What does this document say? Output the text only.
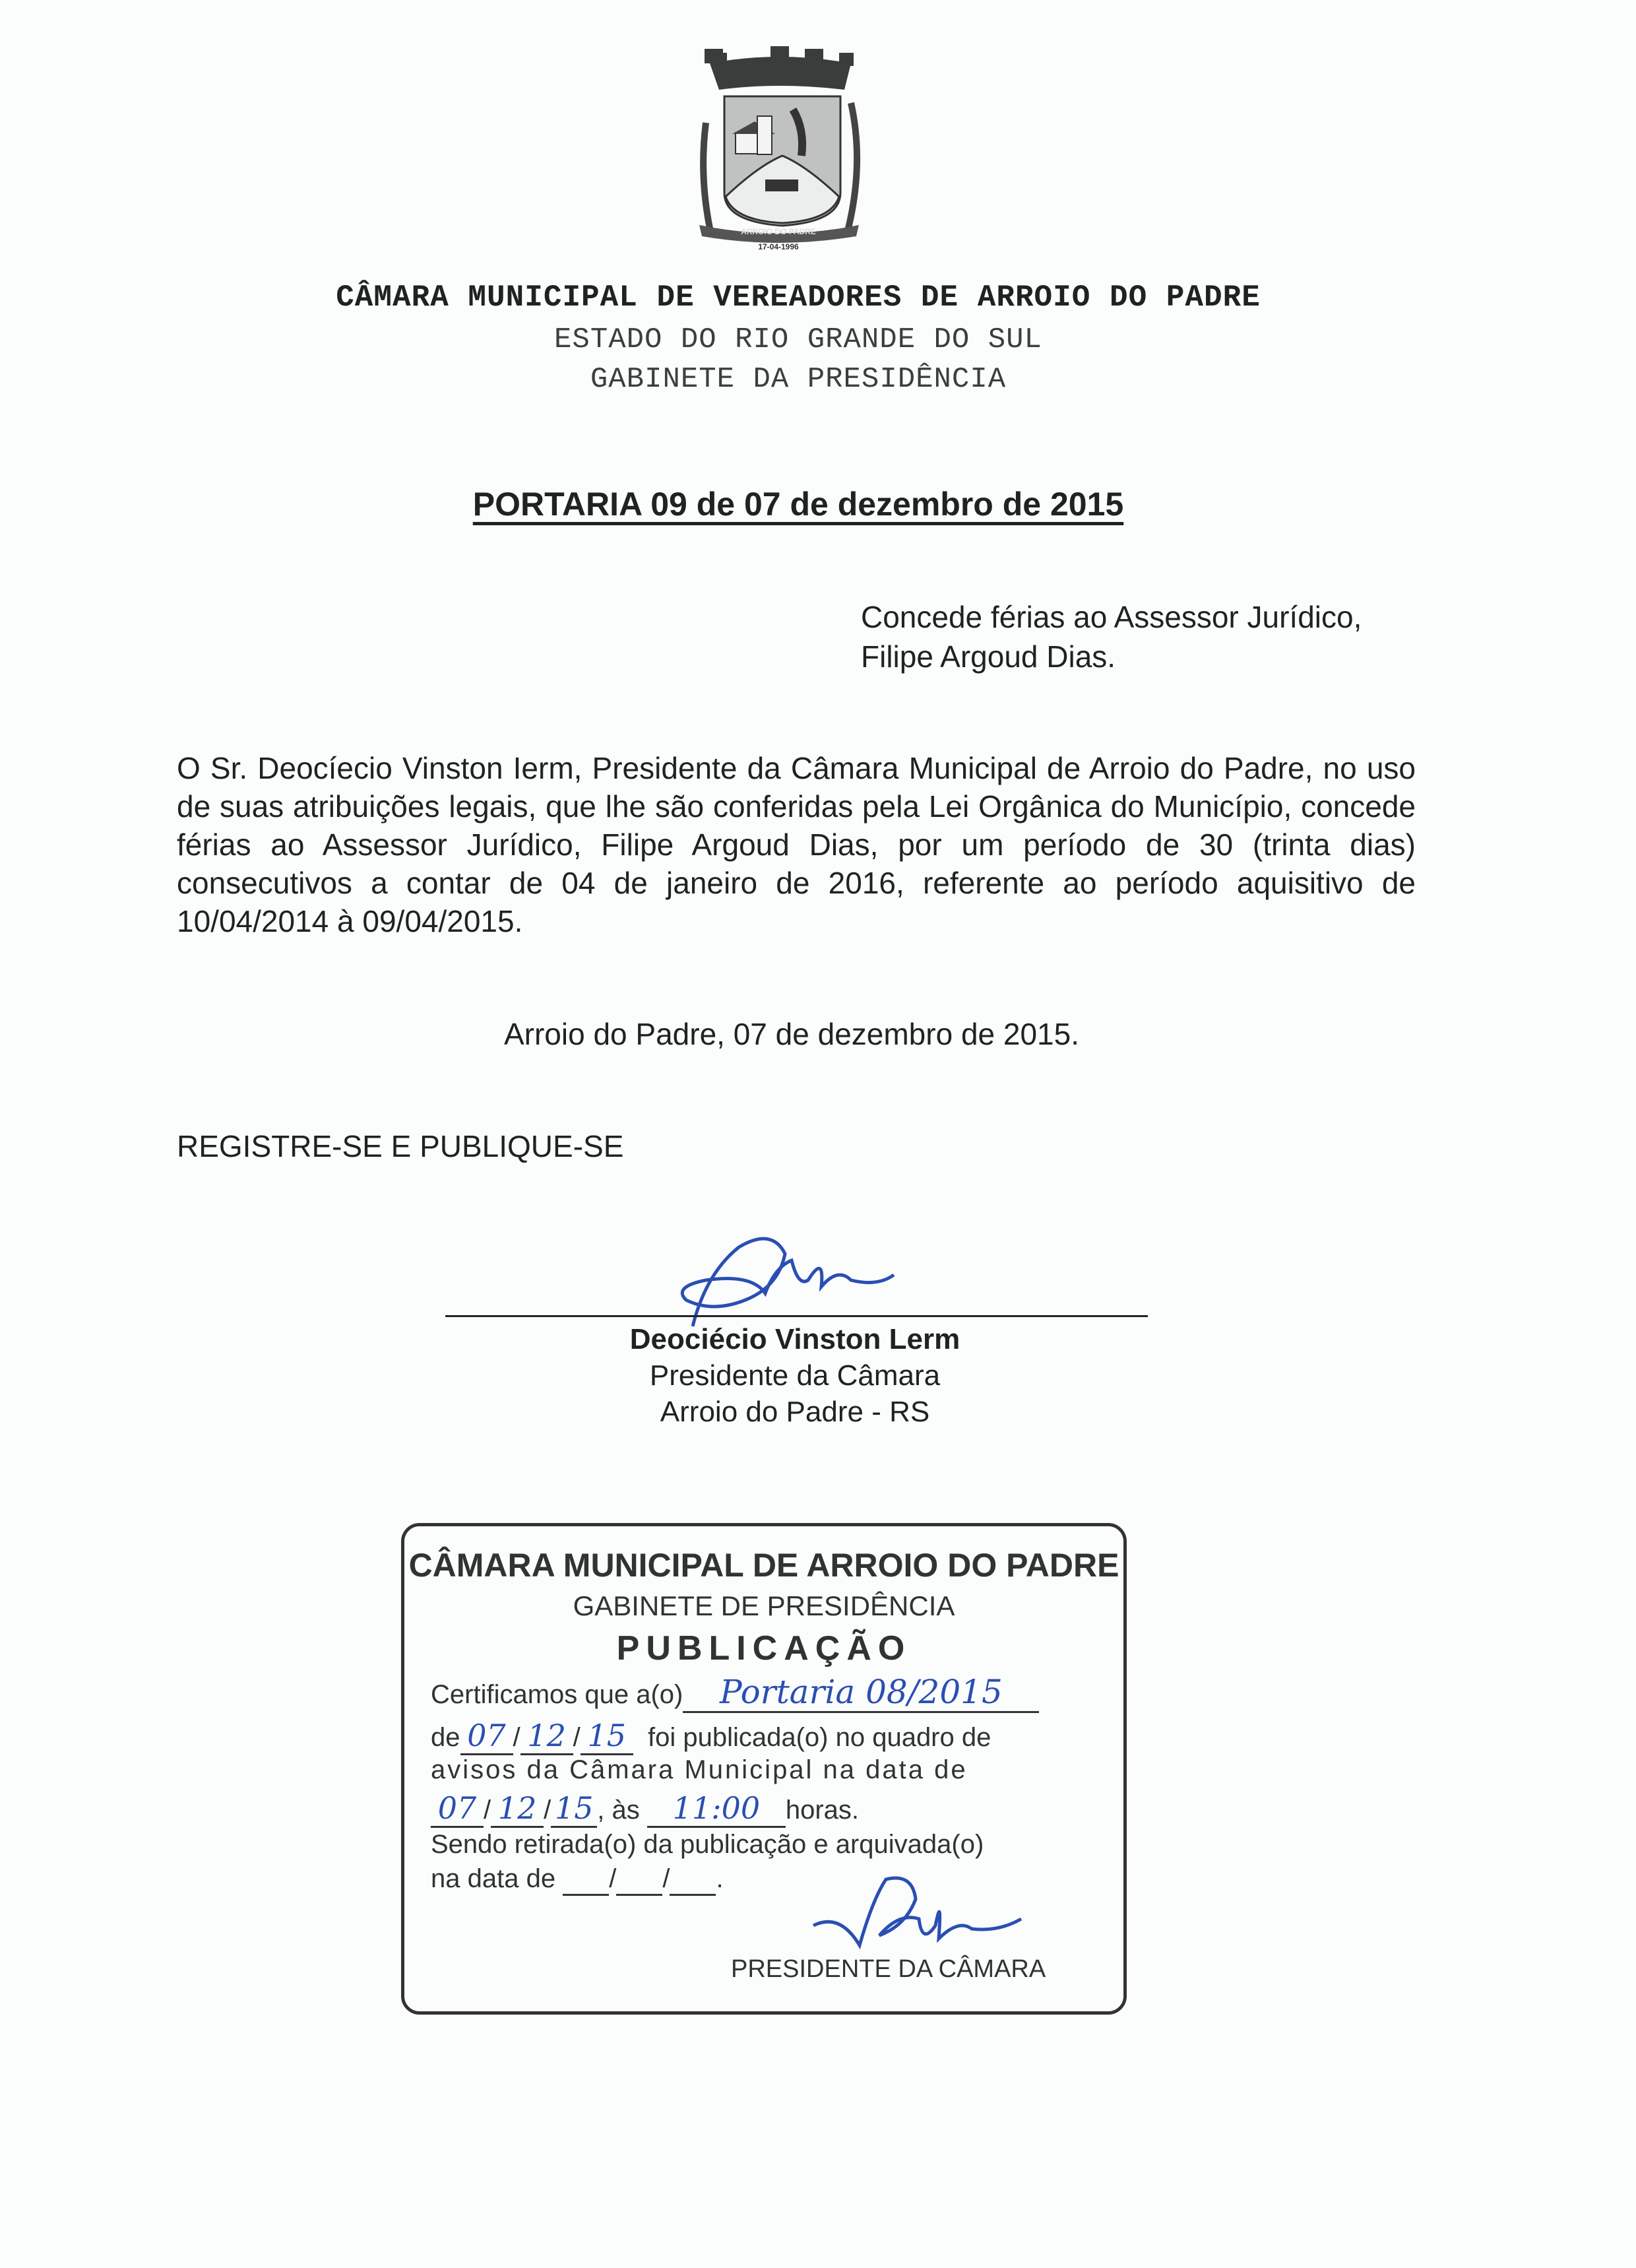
ARROIO DO PADRE
17-04-1996
CÂMARA MUNICIPAL DE VEREADORES DE ARROIO DO PADRE
ESTADO DO RIO GRANDE DO SUL
GABINETE DA PRESIDÊNCIA
PORTARIA 09 de 07 de dezembro de 2015
Concede férias ao Assessor Jurídico,
Filipe Argoud Dias.
O Sr. Deocíecio Vinston Ierm, Presidente da Câmara Municipal de Arroio do Padre, no uso de suas atribuições legais, que lhe são conferidas pela Lei Orgânica do Município, concede férias ao Assessor Jurídico, Filipe Argoud Dias, por um período de 30 (trinta dias) consecutivos a contar de 04 de janeiro de 2016, referente ao período aquisitivo de 10/04/2014 à 09/04/2015.
Arroio do Padre, 07 de dezembro de 2015.
REGISTRE-SE E PUBLIQUE-SE
Deociécio Vinston Lerm
Presidente da Câmara
Arroio do Padre - RS
CÂMARA MUNICIPAL DE ARROIO DO PADRE
GABINETE DE PRESIDÊNCIA
PUBLICAÇÃO
Certificamos que a(o) Portaria 08/2015
de 07 / 12 / 15 foi publicada(o) no quadro de
avisos da Câmara Municipal na data de
07 / 12 / 15 , às 11:00 horas.
Sendo retirada(o) da publicação e arquivada(o)
na data de / / .
PRESIDENTE DA CÂMARA
